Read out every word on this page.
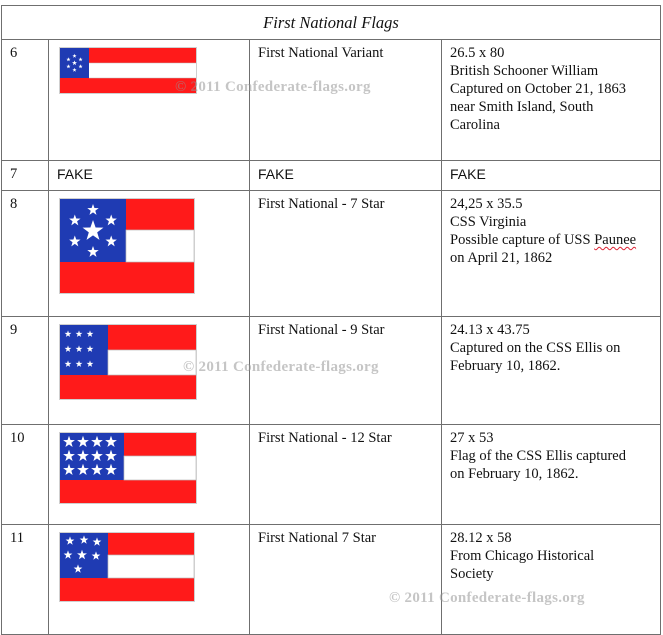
First National Flags			
6		First National Variant	26.5 x 80
British Schooner William
Captured on October 21, 1863
near Smith Island, South
Carolina

7	FAKE	FAKE	FAKE
8		First National - 7 Star	24,25 x 35.5
CSS Virginia
Possible capture of USS Paunee
on April 21, 1862

9		First National - 9 Star	24.13 x 43.75
Captured on the CSS Ellis on
February 10, 1862.

10		First National - 12 Star	27 x 53
Flag of the CSS Ellis captured
on February 10, 1862.

11		First National 7 Star	28.12 x 58
From Chicago Historical
Society
© 2011 Confederate-flags.org
© 2011 Confederate-flags.org
© 2011 Confederate-flags.org
